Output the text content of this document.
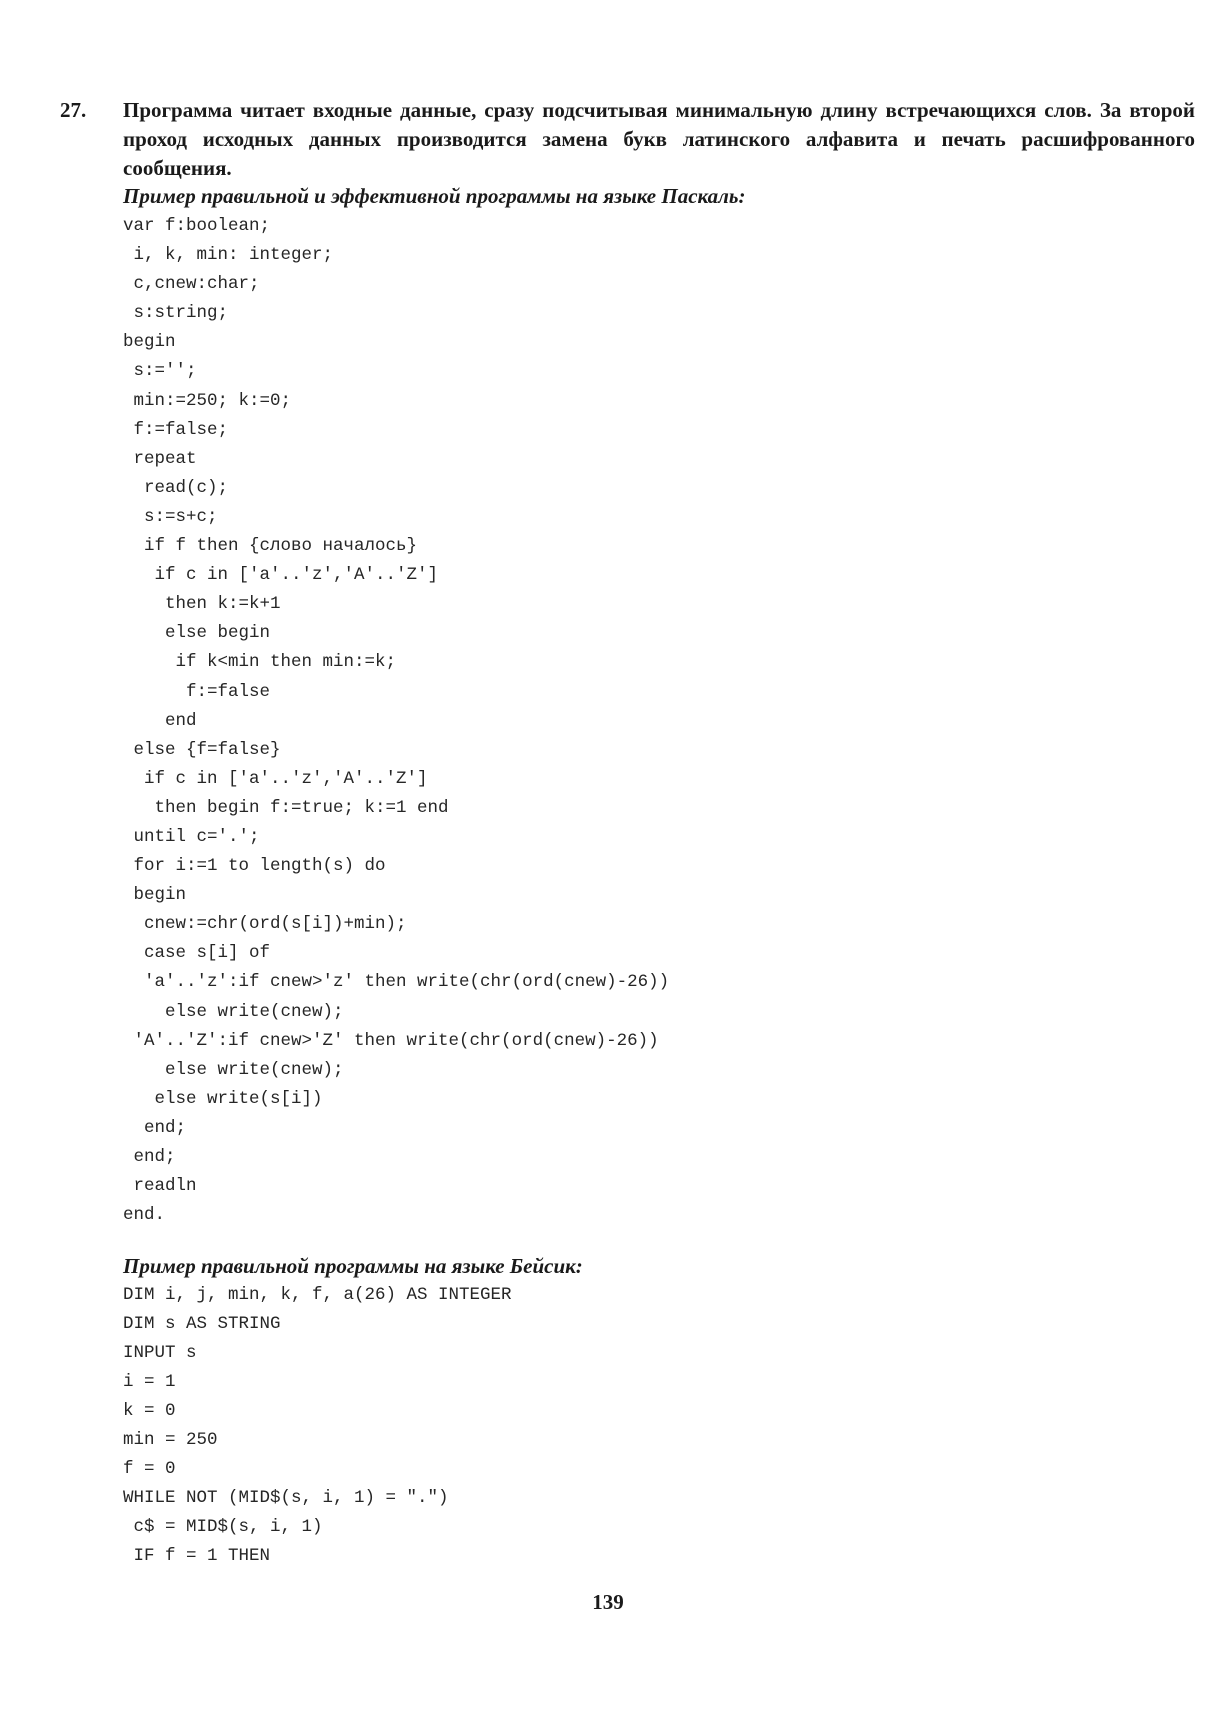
27. Программа читает входные данные, сразу подсчитывая минимальную длину встречающихся слов. За второй проход исходных данных производится замена букв латинского алфавита и печать расшифрованного сообщения.
Пример правильной и эффективной программы на языке Паскаль:
var f:boolean;
i, k, min: integer;
c,cnew:char;
s:string;
begin
s:='';
min:=250; k:=0;
f:=false;
repeat
read(c);
s:=s+c;
if f then {слово началось}
if c in ['a'..'z','A'..'Z']
then k:=k+1
else begin
if k<min then min:=k;
f:=false
end
else {f=false}
if c in ['a'..'z','A'..'Z']
then begin f:=true; k:=1 end
until c='.';
for i:=1 to length(s) do
begin
cnew:=chr(ord(s[i])+min);
case s[i] of
'a'..'z':if cnew>'z' then write(chr(ord(cnew)-26))
else write(cnew);
'A'..'Z':if cnew>'Z' then write(chr(ord(cnew)-26))
else write(cnew);
else write(s[i])
end;
end;
readln
end.
Пример правильной программы на языке Бейсик:
DIM i, j, min, k, f, a(26) AS INTEGER
DIM s AS STRING
INPUT s
i = 1
k = 0
min = 250
f = 0
WHILE NOT (MID$(s, i, 1) = ".")
c$ = MID$(s, i, 1)
IF f = 1 THEN
139
